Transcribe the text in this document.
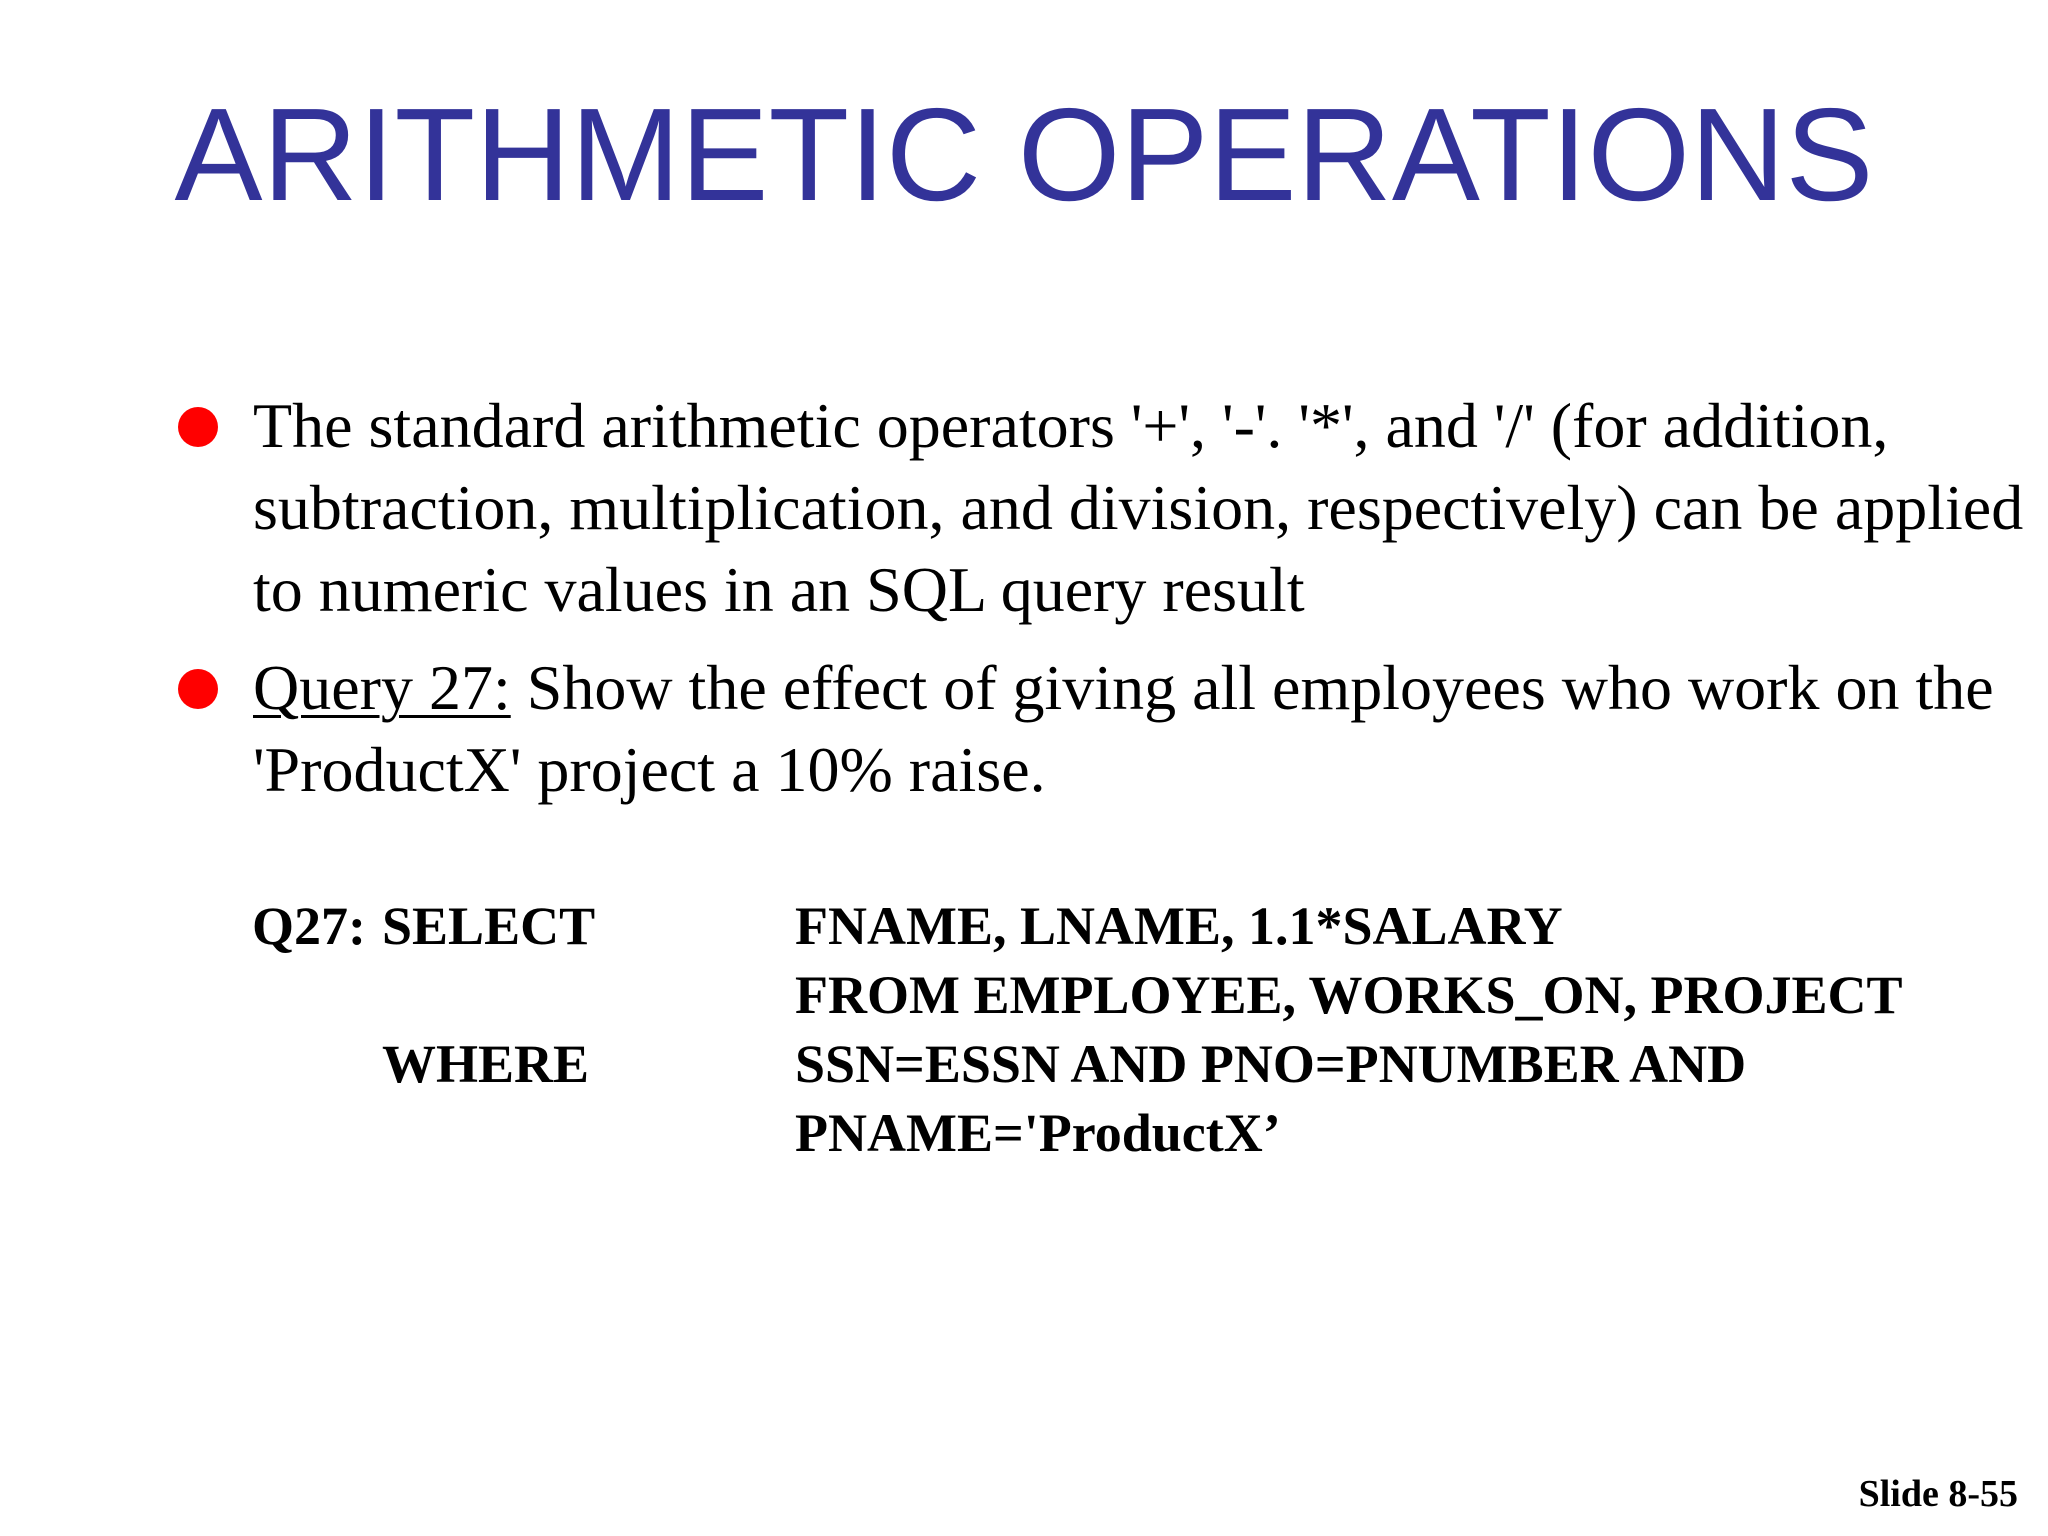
ARITHMETIC OPERATIONS
The standard arithmetic operators '+', '-'. '*', and '/' (for addition, subtraction, multiplication, and division, respectively) can be applied to numeric values in an SQL query result
Query 27: Show the effect of giving all employees who work on the 'ProductX' project a 10% raise.
Q27: SELECT	FNAME, LNAME, 1.1*SALARY
FROM EMPLOYEE, WORKS_ON, PROJECT
WHERE	SSN=ESSN AND PNO=PNUMBER AND
PNAME='ProductX’
Slide 8-55
